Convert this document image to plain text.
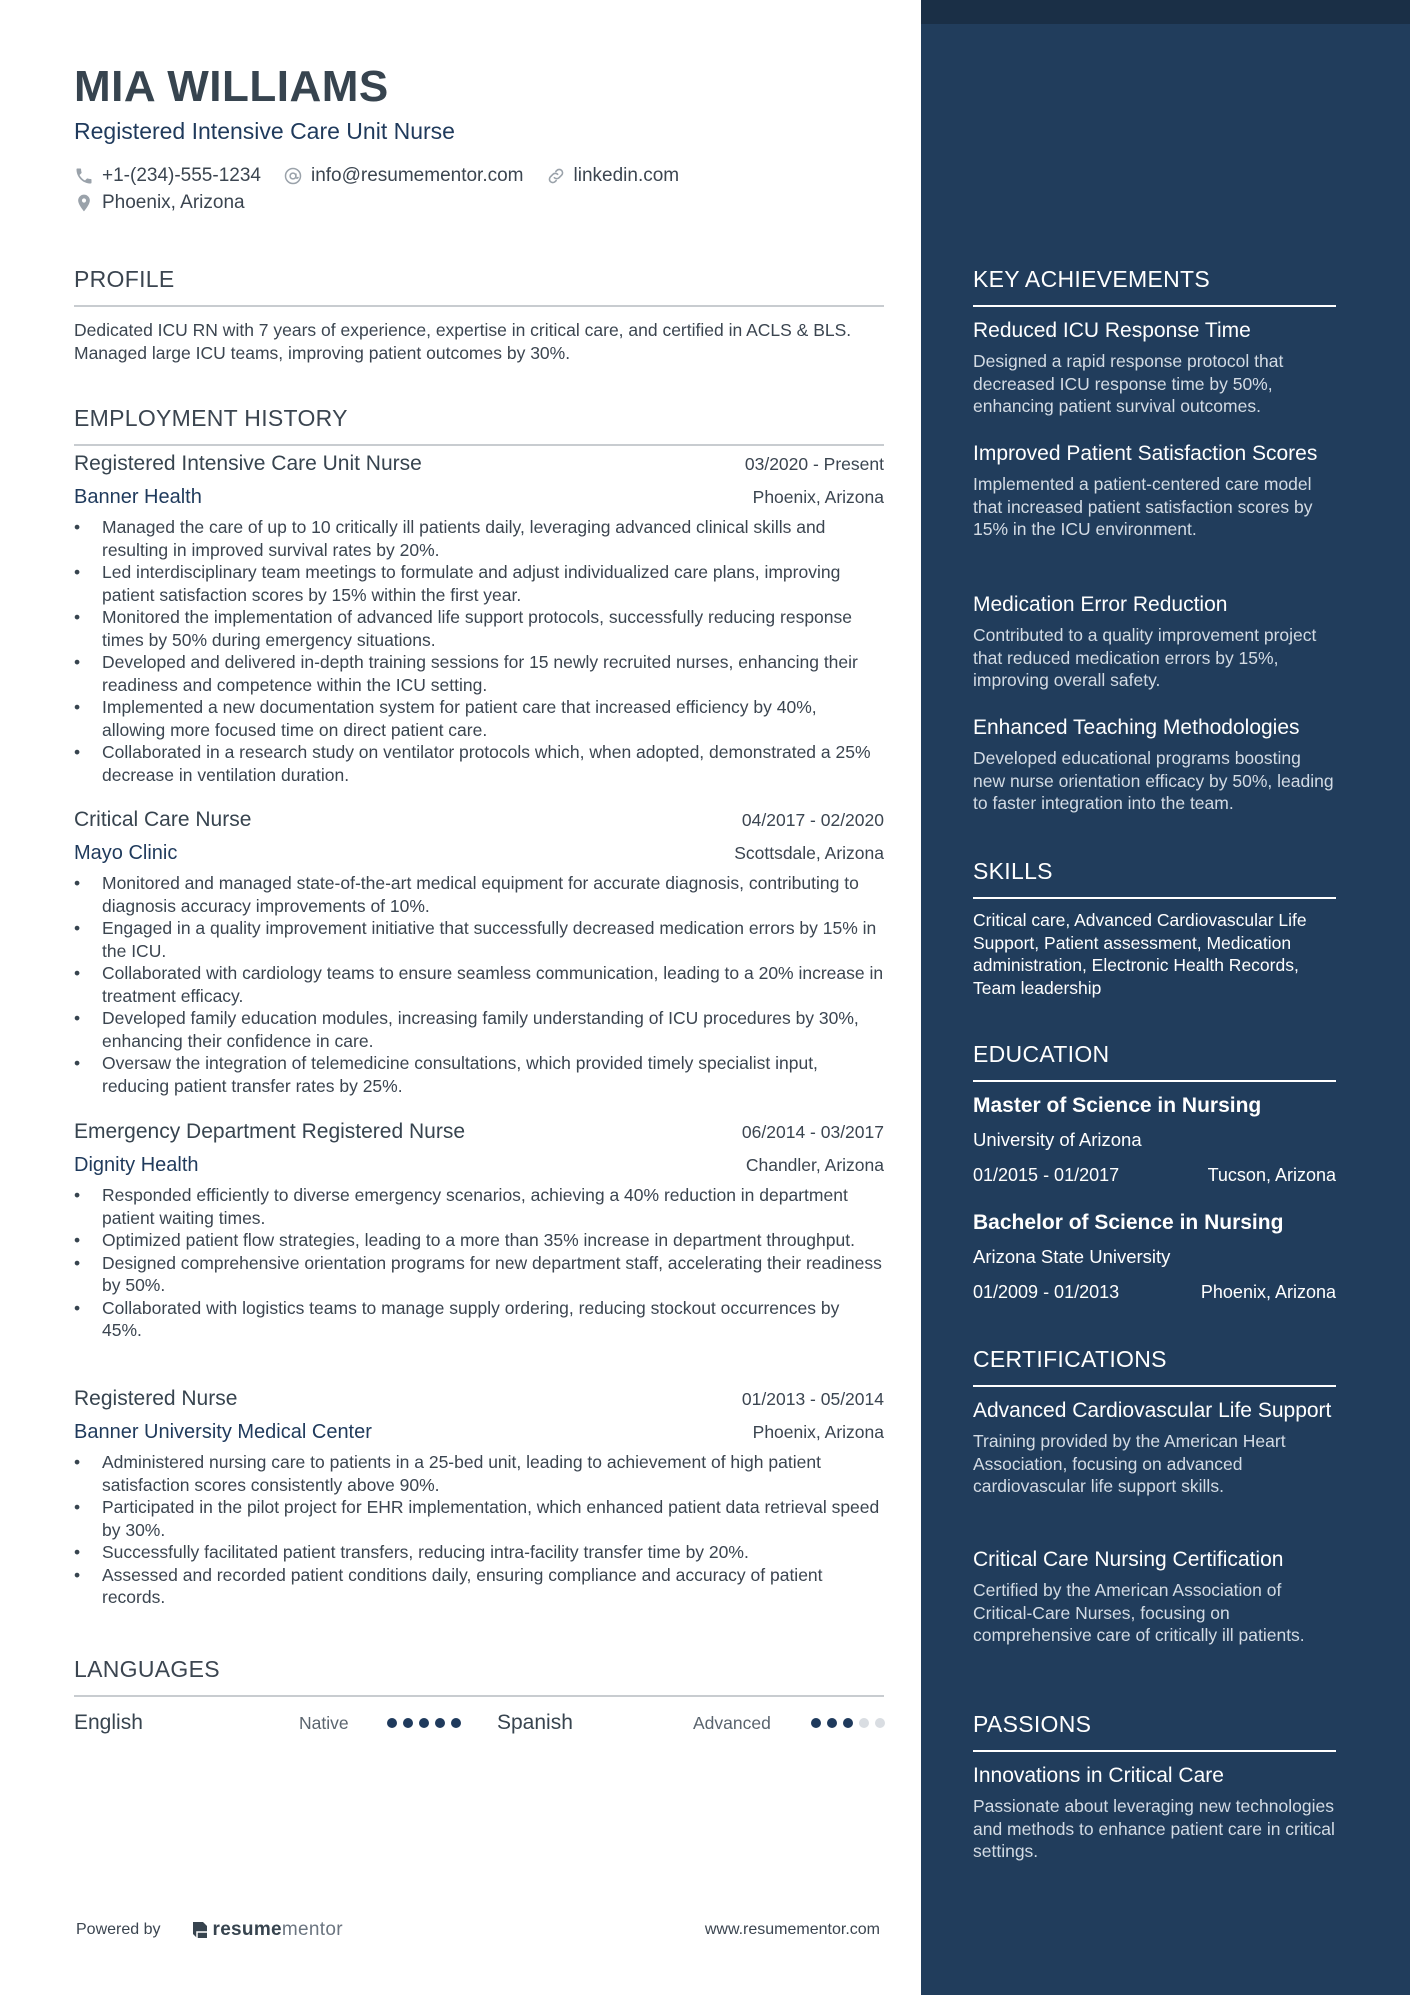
MIA WILLIAMS
Registered Intensive Care Unit Nurse
+1-(234)-555-1234	info@resumementor.com	linkedin.com
Phoenix, Arizona
PROFILE
Dedicated ICU RN with 7 years of experience, expertise in critical care, and certified in ACLS & BLS. Managed large ICU teams, improving patient outcomes by 30%.
EMPLOYMENT HISTORY
Registered Intensive Care Unit Nurse	03/2020 - Present
Banner Health	Phoenix, Arizona
• Managed the care of up to 10 critically ill patients daily, leveraging advanced clinical skills and resulting in improved survival rates by 20%.
• Led interdisciplinary team meetings to formulate and adjust individualized care plans, improving patient satisfaction scores by 15% within the first year.
• Monitored the implementation of advanced life support protocols, successfully reducing response times by 50% during emergency situations.
• Developed and delivered in-depth training sessions for 15 newly recruited nurses, enhancing their readiness and competence within the ICU setting.
• Implemented a new documentation system for patient care that increased efficiency by 40%, allowing more focused time on direct patient care.
• Collaborated in a research study on ventilator protocols which, when adopted, demonstrated a 25% decrease in ventilation duration.
Critical Care Nurse	04/2017 - 02/2020
Mayo Clinic	Scottsdale, Arizona
• Monitored and managed state-of-the-art medical equipment for accurate diagnosis, contributing to diagnosis accuracy improvements of 10%.
• Engaged in a quality improvement initiative that successfully decreased medication errors by 15% in the ICU.
• Collaborated with cardiology teams to ensure seamless communication, leading to a 20% increase in treatment efficacy.
• Developed family education modules, increasing family understanding of ICU procedures by 30%, enhancing their confidence in care.
• Oversaw the integration of telemedicine consultations, which provided timely specialist input, reducing patient transfer rates by 25%.
Emergency Department Registered Nurse	06/2014 - 03/2017
Dignity Health	Chandler, Arizona
• Responded efficiently to diverse emergency scenarios, achieving a 40% reduction in department patient waiting times.
• Optimized patient flow strategies, leading to a more than 35% increase in department throughput.
• Designed comprehensive orientation programs for new department staff, accelerating their readiness by 50%.
• Collaborated with logistics teams to manage supply ordering, reducing stockout occurrences by 45%.
Registered Nurse	01/2013 - 05/2014
Banner University Medical Center	Phoenix, Arizona
• Administered nursing care to patients in a 25-bed unit, leading to achievement of high patient satisfaction scores consistently above 90%.
• Participated in the pilot project for EHR implementation, which enhanced patient data retrieval speed by 30%.
• Successfully facilitated patient transfers, reducing intra-facility transfer time by 20%.
• Assessed and recorded patient conditions daily, ensuring compliance and accuracy of patient records.
LANGUAGES
English	Native	Spanish	Advanced
Powered by	resume mentor	www.resumementor.com
KEY ACHIEVEMENTS
Reduced ICU Response Time
Designed a rapid response protocol that decreased ICU response time by 50%, enhancing patient survival outcomes.
Improved Patient Satisfaction Scores
Implemented a patient-centered care model that increased patient satisfaction scores by 15% in the ICU environment.
Medication Error Reduction
Contributed to a quality improvement project that reduced medication errors by 15%, improving overall safety.
Enhanced Teaching Methodologies
Developed educational programs boosting new nurse orientation efficacy by 50%, leading to faster integration into the team.
SKILLS
Critical care, Advanced Cardiovascular Life Support, Patient assessment, Medication administration, Electronic Health Records, Team leadership
EDUCATION
Master of Science in Nursing
University of Arizona
01/2015 - 01/2017	Tucson, Arizona
Bachelor of Science in Nursing
Arizona State University
01/2009 - 01/2013	Phoenix, Arizona
CERTIFICATIONS
Advanced Cardiovascular Life Support
Training provided by the American Heart Association, focusing on advanced cardiovascular life support skills.
Critical Care Nursing Certification
Certified by the American Association of Critical-Care Nurses, focusing on comprehensive care of critically ill patients.
PASSIONS
Innovations in Critical Care
Passionate about leveraging new technologies and methods to enhance patient care in critical settings.
